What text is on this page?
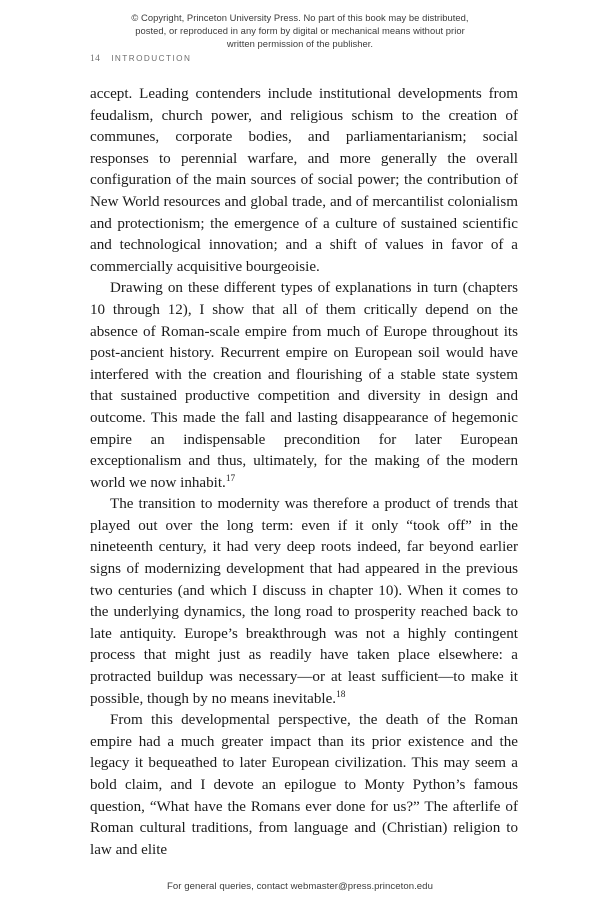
© Copyright, Princeton University Press. No part of this book may be distributed, posted, or reproduced in any form by digital or mechanical means without prior written permission of the publisher.
14 INTRODUCTION

accept. Leading contenders include institutional developments from feudalism, church power, and religious schism to the creation of communes, corporate bodies, and parliamentarianism; social responses to perennial warfare, and more generally the overall configuration of the main sources of social power; the contribution of New World resources and global trade, and of mercantilist colonialism and protectionism; the emergence of a culture of sustained scientific and technological innovation; and a shift of values in favor of a commercially acquisitive bourgeoisie.

Drawing on these different types of explanations in turn (chapters 10 through 12), I show that all of them critically depend on the absence of Roman-scale empire from much of Europe throughout its post-ancient history. Recurrent empire on European soil would have interfered with the creation and flourishing of a stable state system that sustained productive competition and diversity in design and outcome. This made the fall and lasting disappearance of hegemonic empire an indispensable precondition for later European exceptionalism and thus, ultimately, for the making of the modern world we now inhabit.$^{17}$

The transition to modernity was therefore a product of trends that played out over the long term: even if it only “took off” in the nineteenth century, it had very deep roots indeed, far beyond earlier signs of modernizing development that had appeared in the previous two centuries (and which I discuss in chapter 10). When it comes to the underlying dynamics, the long road to prosperity reached back to late antiquity. Europe’s breakthrough was not a highly contingent process that might just as readily have taken place elsewhere: a protracted buildup was necessary—or at least sufficient—to make it possible, though by no means inevitable.$^{18}$

From this developmental perspective, the death of the Roman empire had a much greater impact than its prior existence and the legacy it bequeathed to later European civilization. This may seem a bold claim, and I devote an epilogue to Monty Python’s famous question, “What have the Romans ever done for us?” The afterlife of Roman cultural traditions, from language and (Christian) religion to law and elite

For general queries, contact webmaster@press.princeton.edu
